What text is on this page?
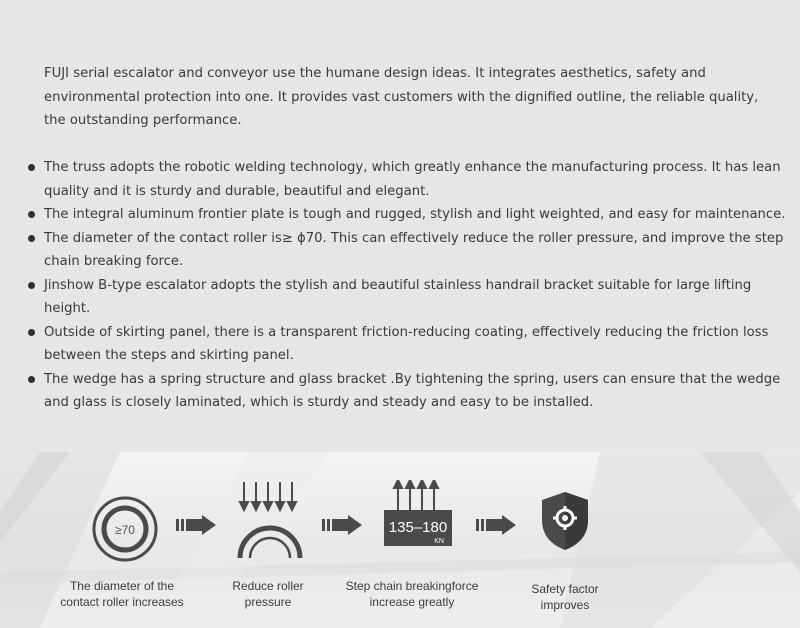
FUJI serial escalator and conveyor use the humane design ideas. It integrates aesthetics, safety and environmental protection into one. It provides vast customers with the dignified outline, the reliable quality, the outstanding performance.

The truss adopts the robotic welding technology, which greatly enhance the manufacturing process. It has lean quality and it is sturdy and durable, beautiful and elegant.
The integral aluminum frontier plate is tough and rugged, stylish and light weighted, and easy for maintenance.
The diameter of the contact roller is≥ ϕ70. This can effectively reduce the roller pressure, and improve the step chain breaking force.
Jinshow B-type escalator adopts the stylish and beautiful stainless handrail bracket suitable for large lifting height.
Outside of skirting panel, there is a transparent friction-reducing coating, effectively reducing the friction loss between the steps and skirting panel.
The wedge has a spring structure and glass bracket .By tightening the spring, users can ensure that the wedge and glass is closely laminated, which is sturdy and steady and easy to be installed.
≥70	135–180
KN
The diameter of the
contact roller increases
Reduce roller
pressure
Step chain breakingforce
increase greatly
Safety factor
improves
